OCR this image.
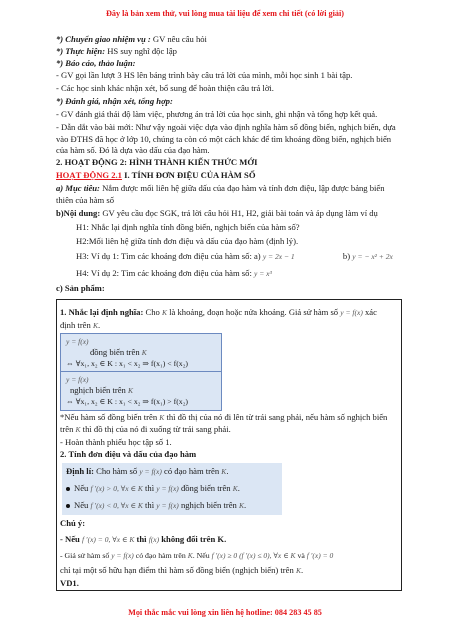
Đây là bản xem thử, vui lòng mua tài liệu để xem chi tiết (có lời giải)
*) Chuyển giao nhiệm vụ : GV nêu câu hỏi
*) Thực hiện: HS suy nghĩ độc lập
*) Báo cáo, thảo luận:
- GV gọi lần lượt 3 HS lên bảng trình bày câu trả lời của mình, mỗi học sinh 1 bài tập.
- Các học sinh khác nhận xét, bổ sung để hoàn thiện câu trả lời.
*) Đánh giá, nhận xét, tổng hợp:
- GV đánh giá thái độ làm việc, phương án trả lời của học sinh, ghi nhận và tổng hợp kết quả.
- Dẫn dắt vào bài mới: Như vậy ngoài việc dựa vào định nghĩa hàm số đồng biến, nghịch biến, dựa vào ĐTHS đã học ở lớp 10, chúng ta còn có một cách khác để tìm khoảng đồng biến, nghịch biến của hàm số. Đó là dựa vào dấu của đạo hàm.
2. HOẠT ĐỘNG 2: HÌNH THÀNH KIẾN THỨC MỚI
HOẠT ĐỘNG 2.1 I. TÍNH ĐƠN ĐIỆU CỦA HÀM SỐ
a) Mục tiêu: Nắm được mối liên hệ giữa dấu của đạo hàm và tính đơn điệu, lập được bảng biến thiên của hàm số
b)Nội dung: GV yêu cầu đọc SGK, trả lời câu hỏi H1, H2, giải bài toán và áp dụng làm ví dụ
H1: Nhắc lại định nghĩa tính đồng biến, nghịch biến của hàm số?
H2:Mối liên hệ giữa tính đơn điệu và dấu của đạo hàm (định lý).
H3: Ví dụ 1: Tìm các khoảng đơn điệu của hàm số: a) y = 2x − 1	b) y = − x² + 2x
H4: Ví dụ 2: Tìm các khoảng đơn điệu của hàm số: y = x³
c) Sản phẩm:
1. Nhắc lại định nghĩa: Cho K là khoảng, đoạn hoặc nửa khoảng. Giả sử hàm số y = f(x) xác
định trên K.
y = f(x)
đồng biến trên K
⇔ ∀x₁, x₂ ∈ K : x₁ < x₂ ⇒ f(x₁) < f(x₂)
y = f(x)
nghịch biến trên K
⇔ ∀x₁, x₂ ∈ K : x₁ < x₂ ⇒ f(x₁) > f(x₂)
*Nếu hàm số đồng biến trên K thì đồ thị của nó đi lên từ trái sang phải, nếu hàm số nghịch biến
trên K thì đồ thị của nó đi xuống từ trái sang phải.
- Hoàn thành phiếu học tập số 1.
2. Tính đơn điệu và dấu của đạo hàm
Định lí: Cho hàm số y = f(x) có đạo hàm trên K.
Nếu f ′(x) > 0, ∀x ∈ K thì y = f(x) đồng biến trên K.
Nếu f ′(x) < 0, ∀x ∈ K thì y = f(x) nghịch biến trên K.
Chú ý:
- Nếu f ′(x) = 0, ∀x ∈ K thì f(x) không đổi trên K.
- Giả sử hàm số y = f(x) có đạo hàm trên K. Nếu f ′(x) ≥ 0 (f ′(x) ≤ 0), ∀x ∈ K và f ′(x) = 0
chỉ tại một số hữu hạn điểm thì hàm số đồng biến (nghịch biến) trên K.
VD1.
Mọi thắc mắc vui lòng xin liên hệ hotline: 084 283 45 85
